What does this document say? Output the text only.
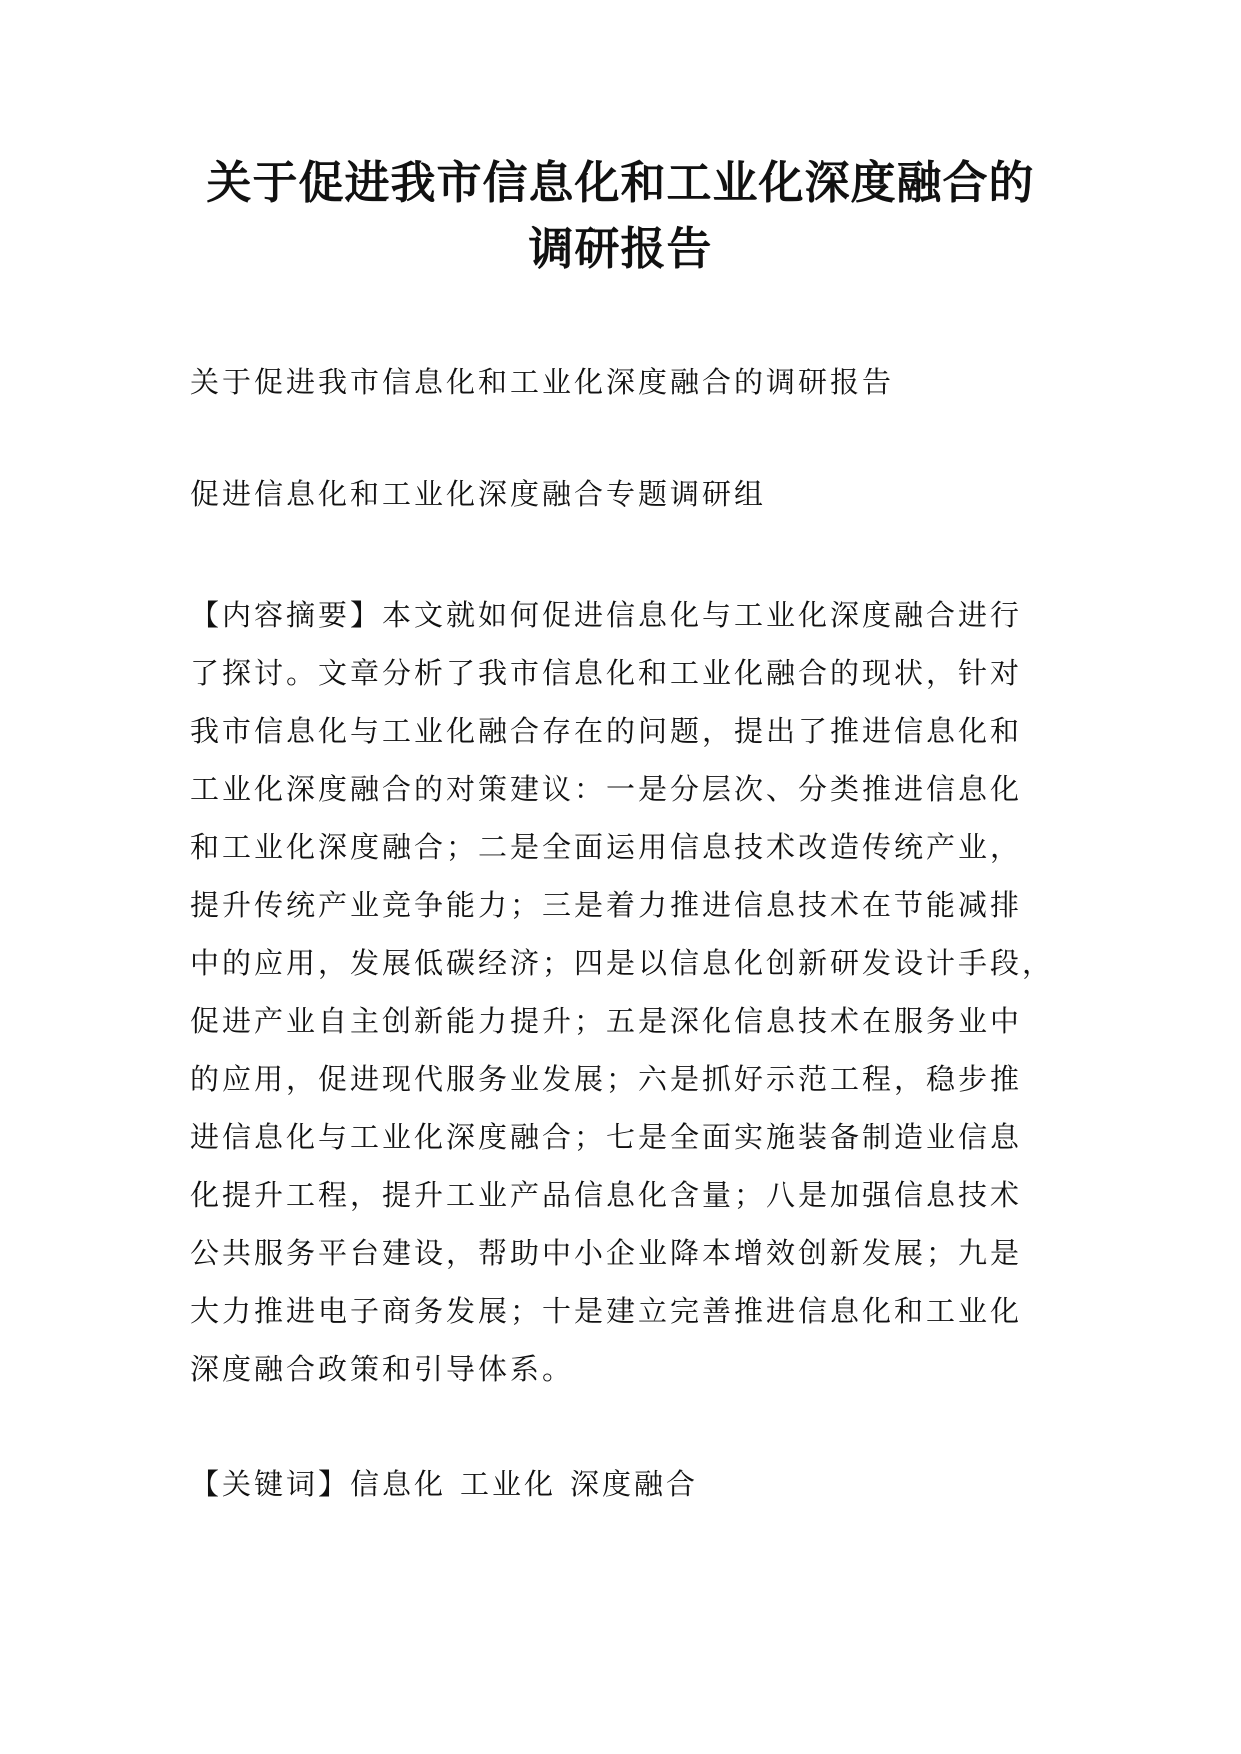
关于促进我市信息化和工业化深度融合的
调研报告

关于促进我市信息化和工业化深度融合的调研报告

促进信息化和工业化深度融合专题调研组

【内容摘要】本文就如何促进信息化与工业化深度融合进行
了探讨。文章分析了我市信息化和工业化融合的现状，针对
我市信息化与工业化融合存在的问题，提出了推进信息化和
工业化深度融合的对策建议：一是分层次、分类推进信息化
和工业化深度融合；二是全面运用信息技术改造传统产业，
提升传统产业竞争能力；三是着力推进信息技术在节能减排
中的应用，发展低碳经济；四是以信息化创新研发设计手段，
促进产业自主创新能力提升；五是深化信息技术在服务业中
的应用，促进现代服务业发展；六是抓好示范工程，稳步推
进信息化与工业化深度融合；七是全面实施装备制造业信息
化提升工程，提升工业产品信息化含量；八是加强信息技术
公共服务平台建设，帮助中小企业降本增效创新发展；九是
大力推进电子商务发展；十是建立完善推进信息化和工业化
深度融合政策和引导体系。

【关键词】信息化 工业化 深度融合
